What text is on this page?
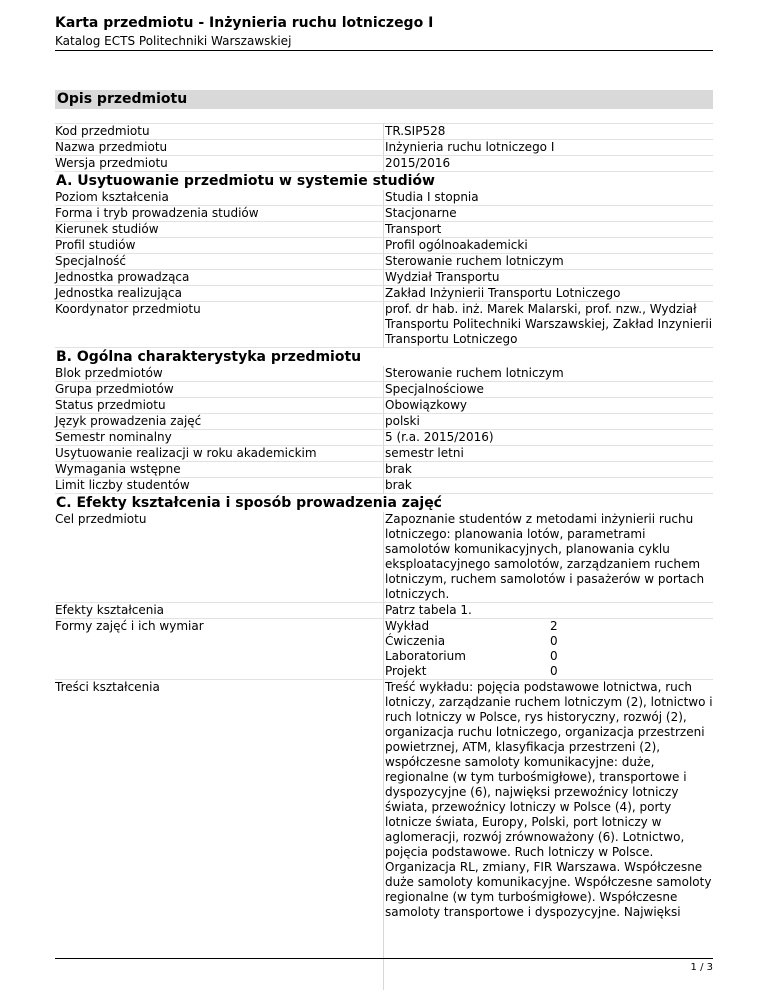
Karta przedmiotu - Inżynieria ruchu lotniczego I
Katalog ECTS Politechniki Warszawskiej
Opis przedmiotu
Kod przedmiotu	TR.SIP528
Nazwa przedmiotu	Inżynieria ruchu lotniczego I
Wersja przedmiotu	2015/2016
A. Usytuowanie przedmiotu w systemie studiów
Poziom kształcenia	Studia I stopnia
Forma i tryb prowadzenia studiów	Stacjonarne
Kierunek studiów	Transport
Profil studiów	Profil ogólnoakademicki
Specjalność	Sterowanie ruchem lotniczym
Jednostka prowadząca	Wydział Transportu
Jednostka realizująca	Zakład Inżynierii Transportu Lotniczego
Koordynator przedmiotu	prof. dr hab. inż. Marek Malarski, prof. nzw., Wydział Transportu Politechniki Warszawskiej, Zakład Inzynierii Transportu Lotniczego
B. Ogólna charakterystyka przedmiotu
Blok przedmiotów	Sterowanie ruchem lotniczym
Grupa przedmiotów	Specjalnościowe
Status przedmiotu	Obowiązkowy
Język prowadzenia zajęć	polski
Semestr nominalny	5 (r.a. 2015/2016)
Usytuowanie realizacji w roku akademickim	semestr letni
Wymagania wstępne	brak
Limit liczby studentów	brak
C. Efekty kształcenia i sposób prowadzenia zajęć
Cel przedmiotu	Zapoznanie studentów z metodami inżynierii ruchu lotniczego: planowania lotów, parametrami samolotów komunikacyjnych, planowania cyklu eksploatacyjnego samolotów, zarządzaniem ruchem lotniczym, ruchem samolotów i pasażerów w portach lotniczych.
Efekty kształcenia	Patrz tabela 1.
Formy zajęć i ich wymiar	Wykład	2
Ćwiczenia	0
Laboratorium	0
Projekt	0
Treści kształcenia	Treść wykładu: pojęcia podstawowe lotnictwa, ruch lotniczy, zarządzanie ruchem lotniczym (2), lotnictwo i ruch lotniczy w Polsce, rys historyczny, rozwój (2), organizacja ruchu lotniczego, organizacja przestrzeni powietrznej, ATM, klasyfikacja przestrzeni (2), współczesne samoloty komunikacyjne: duże, regionalne (w tym turbośmigłowe), transportowe i dyspozycyjne (6), najwięksi przewoźnicy lotniczy świata, przewoźnicy lotniczy w Polsce (4), porty lotnicze świata, Europy, Polski, port lotniczy w aglomeracji, rozwój zrównoważony (6). Lotnictwo, pojęcia podstawowe. Ruch lotniczy w Polsce. Organizacja RL, zmiany, FIR Warszawa. Współczesne duże samoloty komunikacyjne. Współczesne samoloty regionalne (w tym turbośmigłowe). Współczesne samoloty transportowe i dyspozycyjne. Najwięksi
1 / 3
